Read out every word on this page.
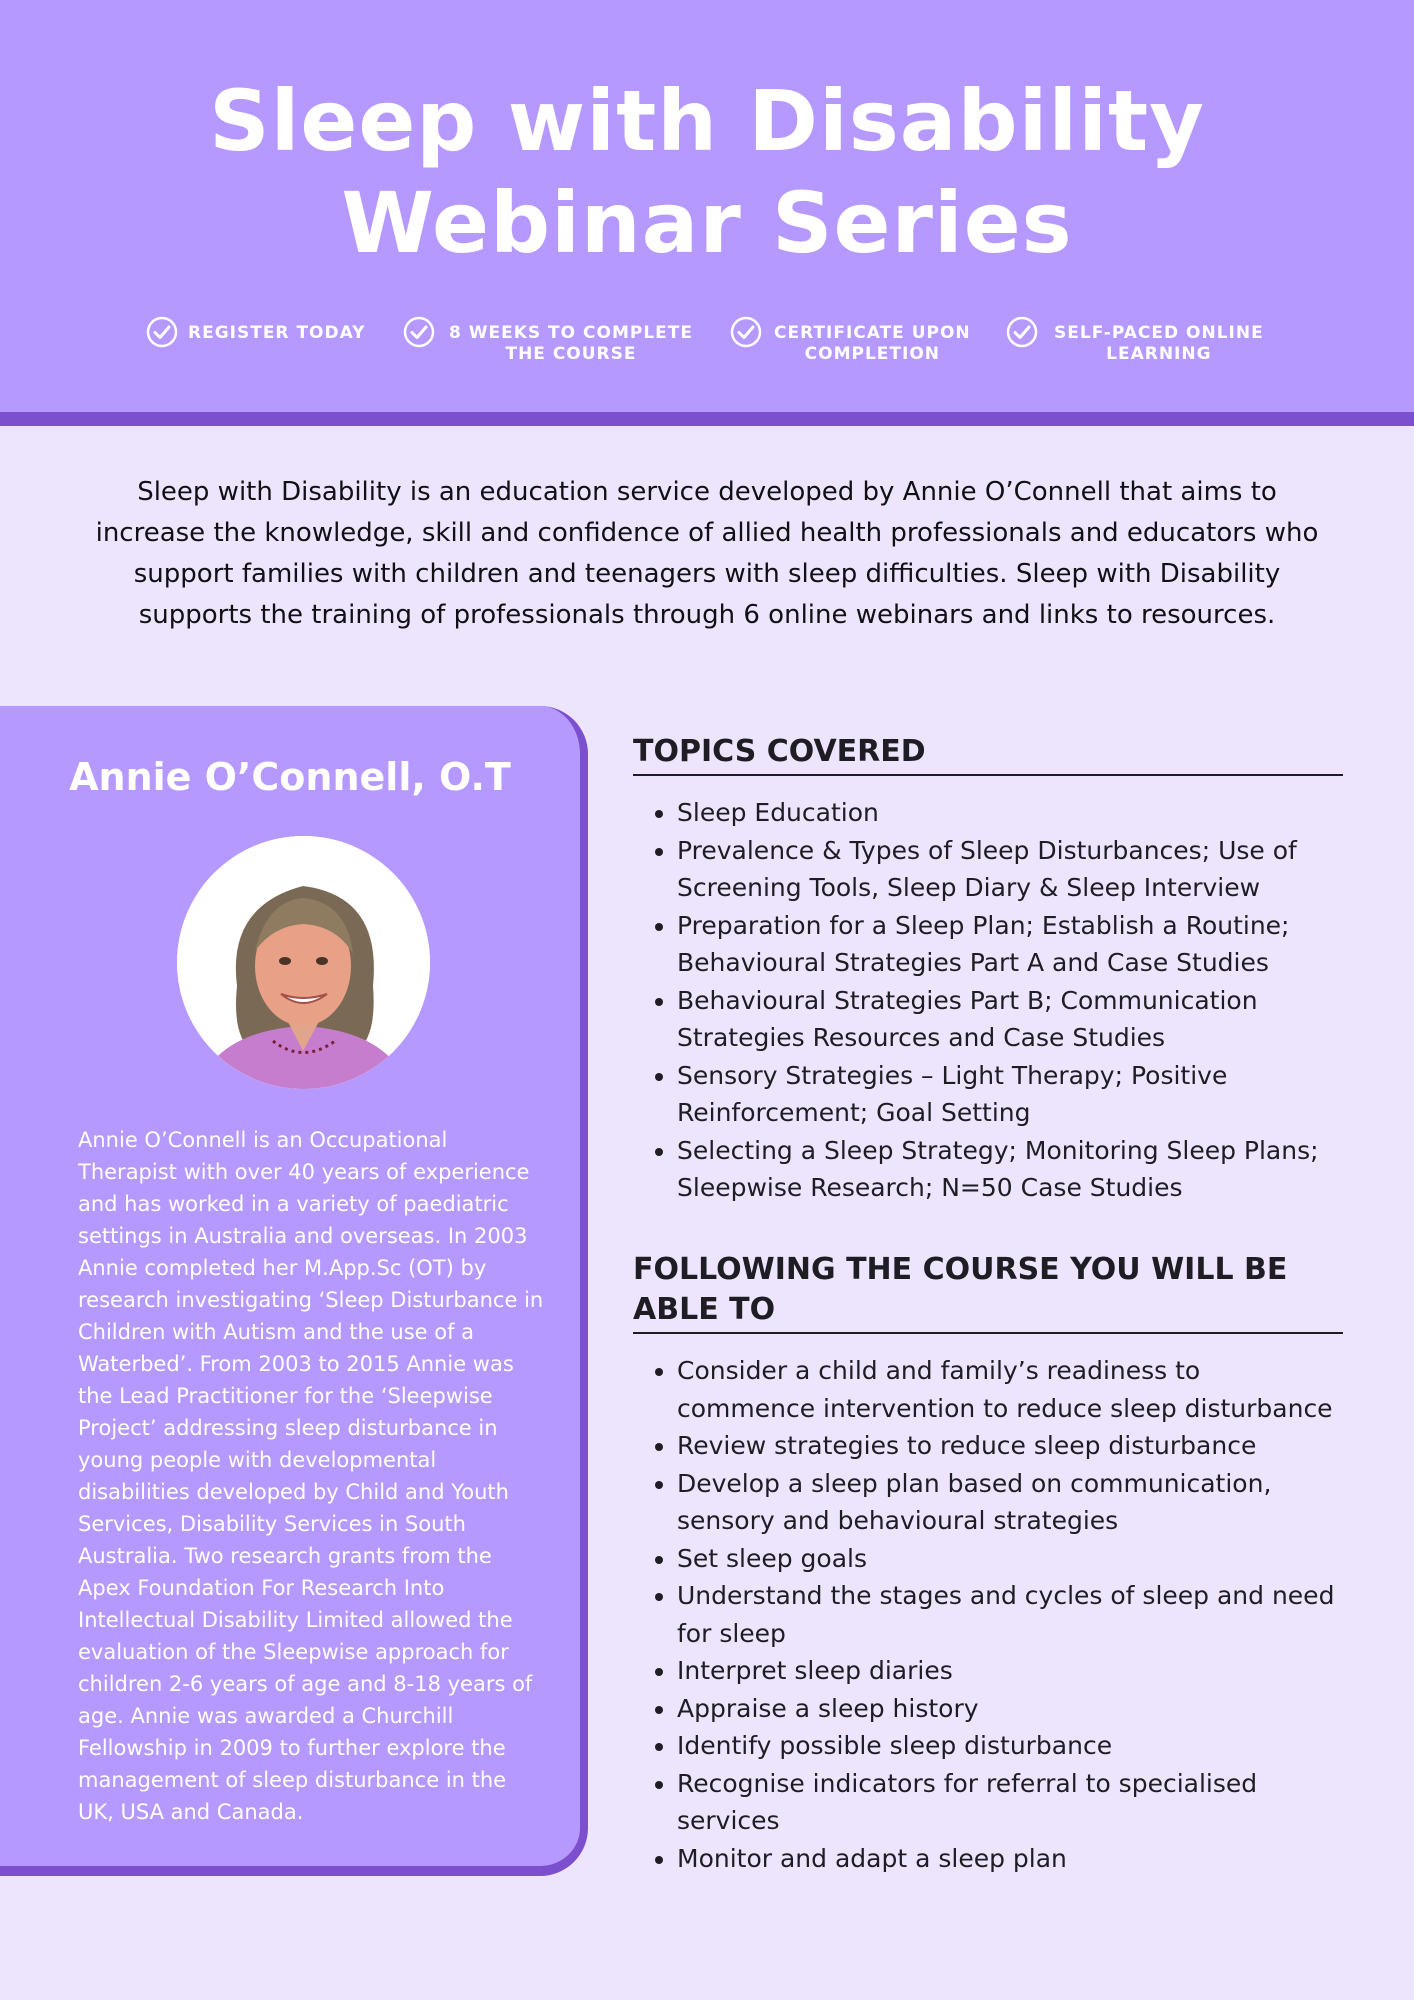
Sleep with Disability
Webinar Series
REGISTER TODAY	8 WEEKS TO COMPLETE
THE COURSE
CERTIFICATE UPON
COMPLETION
SELF-PACED ONLINE
LEARNING

Sleep with Disability is an education service developed by Annie O’Connell that aims to increase the knowledge, skill and confidence of allied health professionals and educators who support families with children and teenagers with sleep difficulties. Sleep with Disability supports the training of professionals through 6 online webinars and links to resources.

Annie O’Connell, O.T

Annie O’Connell is an Occupational Therapist with over 40 years of experience and has worked in a variety of paediatric settings in Australia and overseas. In 2003 Annie completed her M.App.Sc (OT) by research investigating ‘Sleep Disturbance in Children with Autism and the use of a Waterbed’. From 2003 to 2015 Annie was the Lead Practitioner for the ‘Sleepwise Project’ addressing sleep disturbance in young people with developmental disabilities developed by Child and Youth Services, Disability Services in South Australia. Two research grants from the Apex Foundation For Research Into Intellectual Disability Limited allowed the evaluation of the Sleepwise approach for children 2-6 years of age and 8-18 years of age. Annie was awarded a Churchill Fellowship in 2009 to further explore the management of sleep disturbance in the UK, USA and Canada.

TOPICS COVERED
• Sleep Education
• Prevalence & Types of Sleep Disturbances; Use of Screening Tools, Sleep Diary & Sleep Interview
• Preparation for a Sleep Plan; Establish a Routine; Behavioural Strategies Part A and Case Studies
• Behavioural Strategies Part B; Communication Strategies Resources and Case Studies
• Sensory Strategies – Light Therapy; Positive Reinforcement; Goal Setting
• Selecting a Sleep Strategy; Monitoring Sleep Plans; Sleepwise Research; N=50 Case Studies
FOLLOWING THE COURSE YOU WILL BE ABLE TO
• Consider a child and family’s readiness to commence intervention to reduce sleep disturbance
• Review strategies to reduce sleep disturbance
• Develop a sleep plan based on communication, sensory and behavioural strategies
• Set sleep goals
• Understand the stages and cycles of sleep and need for sleep
• Interpret sleep diaries
• Appraise a sleep history
• Identify possible sleep disturbance
• Recognise indicators for referral to specialised services
• Monitor and adapt a sleep plan
